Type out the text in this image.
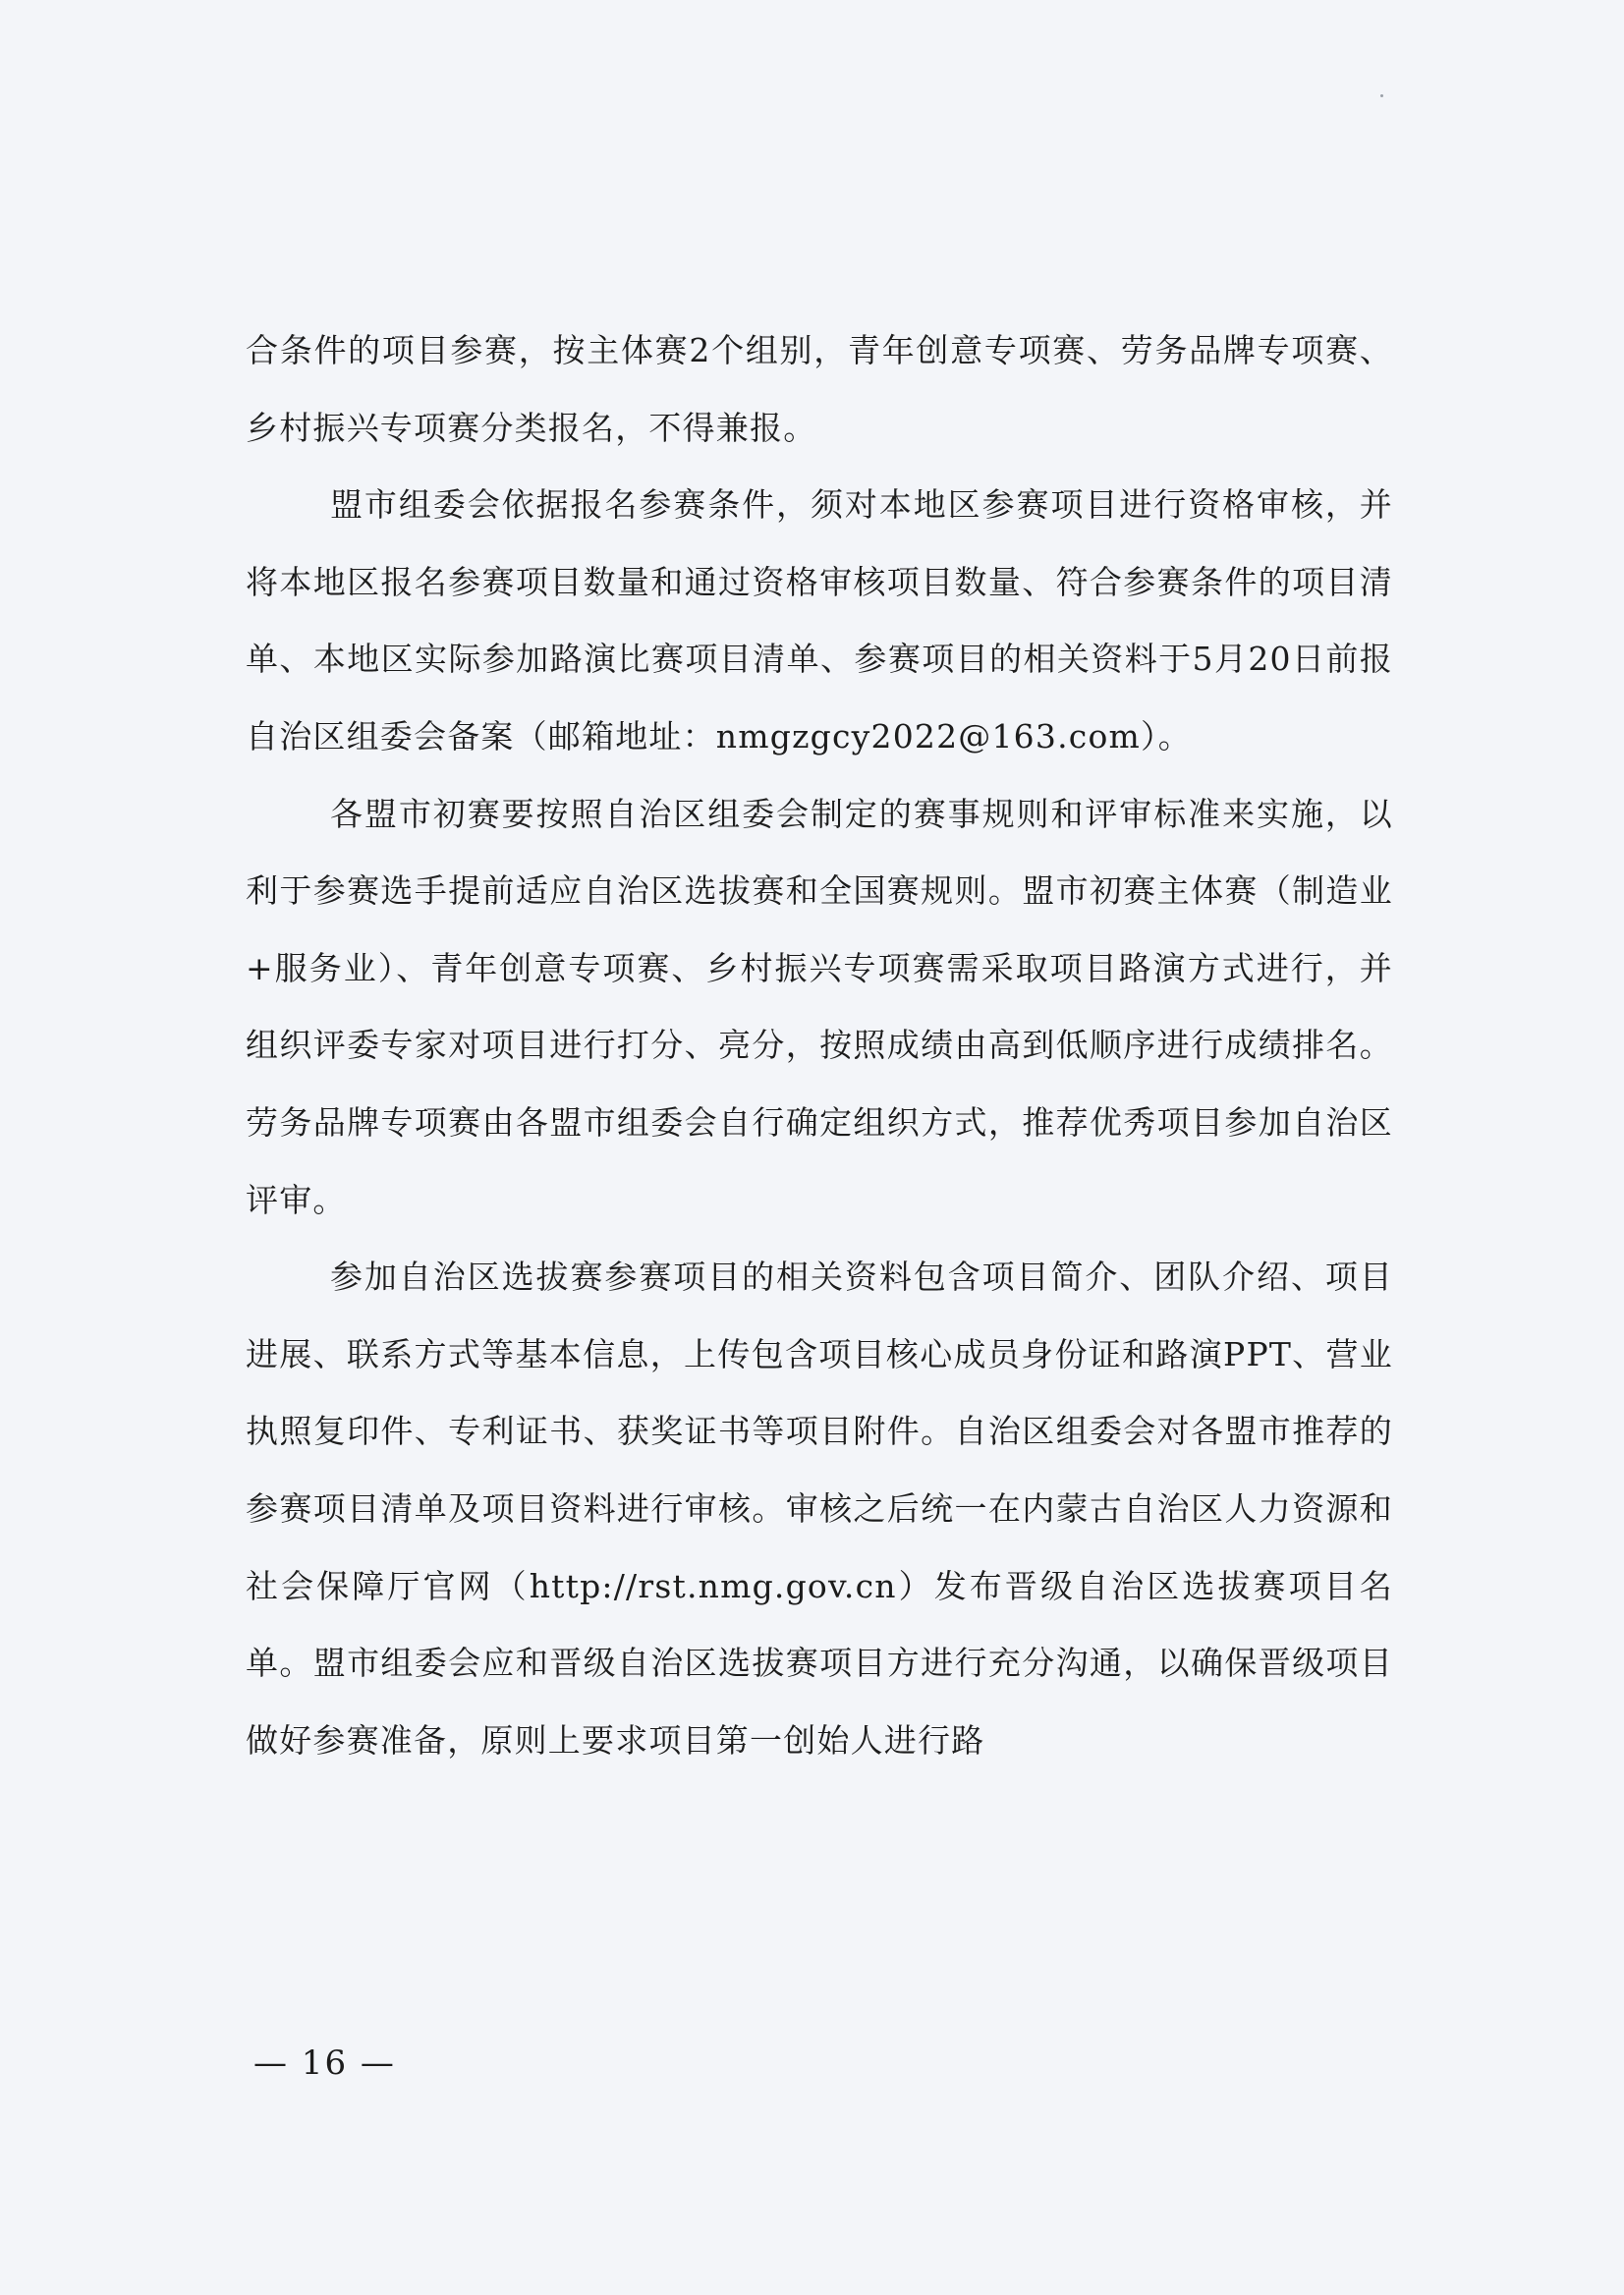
合条件的项目参赛，按主体赛2个组别，青年创意专项赛、劳务品牌专项赛、乡村振兴专项赛分类报名，不得兼报。

盟市组委会依据报名参赛条件，须对本地区参赛项目进行资格审核，并将本地区报名参赛项目数量和通过资格审核项目数量、符合参赛条件的项目清单、本地区实际参加路演比赛项目清单、参赛项目的相关资料于5月20日前报自治区组委会备案（邮箱地址：nmgzgcy2022@163.com）。

各盟市初赛要按照自治区组委会制定的赛事规则和评审标准来实施，以利于参赛选手提前适应自治区选拔赛和全国赛规则。盟市初赛主体赛（制造业+服务业）、青年创意专项赛、乡村振兴专项赛需采取项目路演方式进行，并组织评委专家对项目进行打分、亮分，按照成绩由高到低顺序进行成绩排名。劳务品牌专项赛由各盟市组委会自行确定组织方式，推荐优秀项目参加自治区评审。

参加自治区选拔赛参赛项目的相关资料包含项目简介、团队介绍、项目进展、联系方式等基本信息，上传包含项目核心成员身份证和路演PPT、营业执照复印件、专利证书、获奖证书等项目附件。自治区组委会对各盟市推荐的参赛项目清单及项目资料进行审核。审核之后统一在内蒙古自治区人力资源和社会保障厅官网（http://rst.nmg.gov.cn）发布晋级自治区选拔赛项目名单。盟市组委会应和晋级自治区选拔赛项目方进行充分沟通，以确保晋级项目做好参赛准备，原则上要求项目第一创始人进行路

— 16 —
